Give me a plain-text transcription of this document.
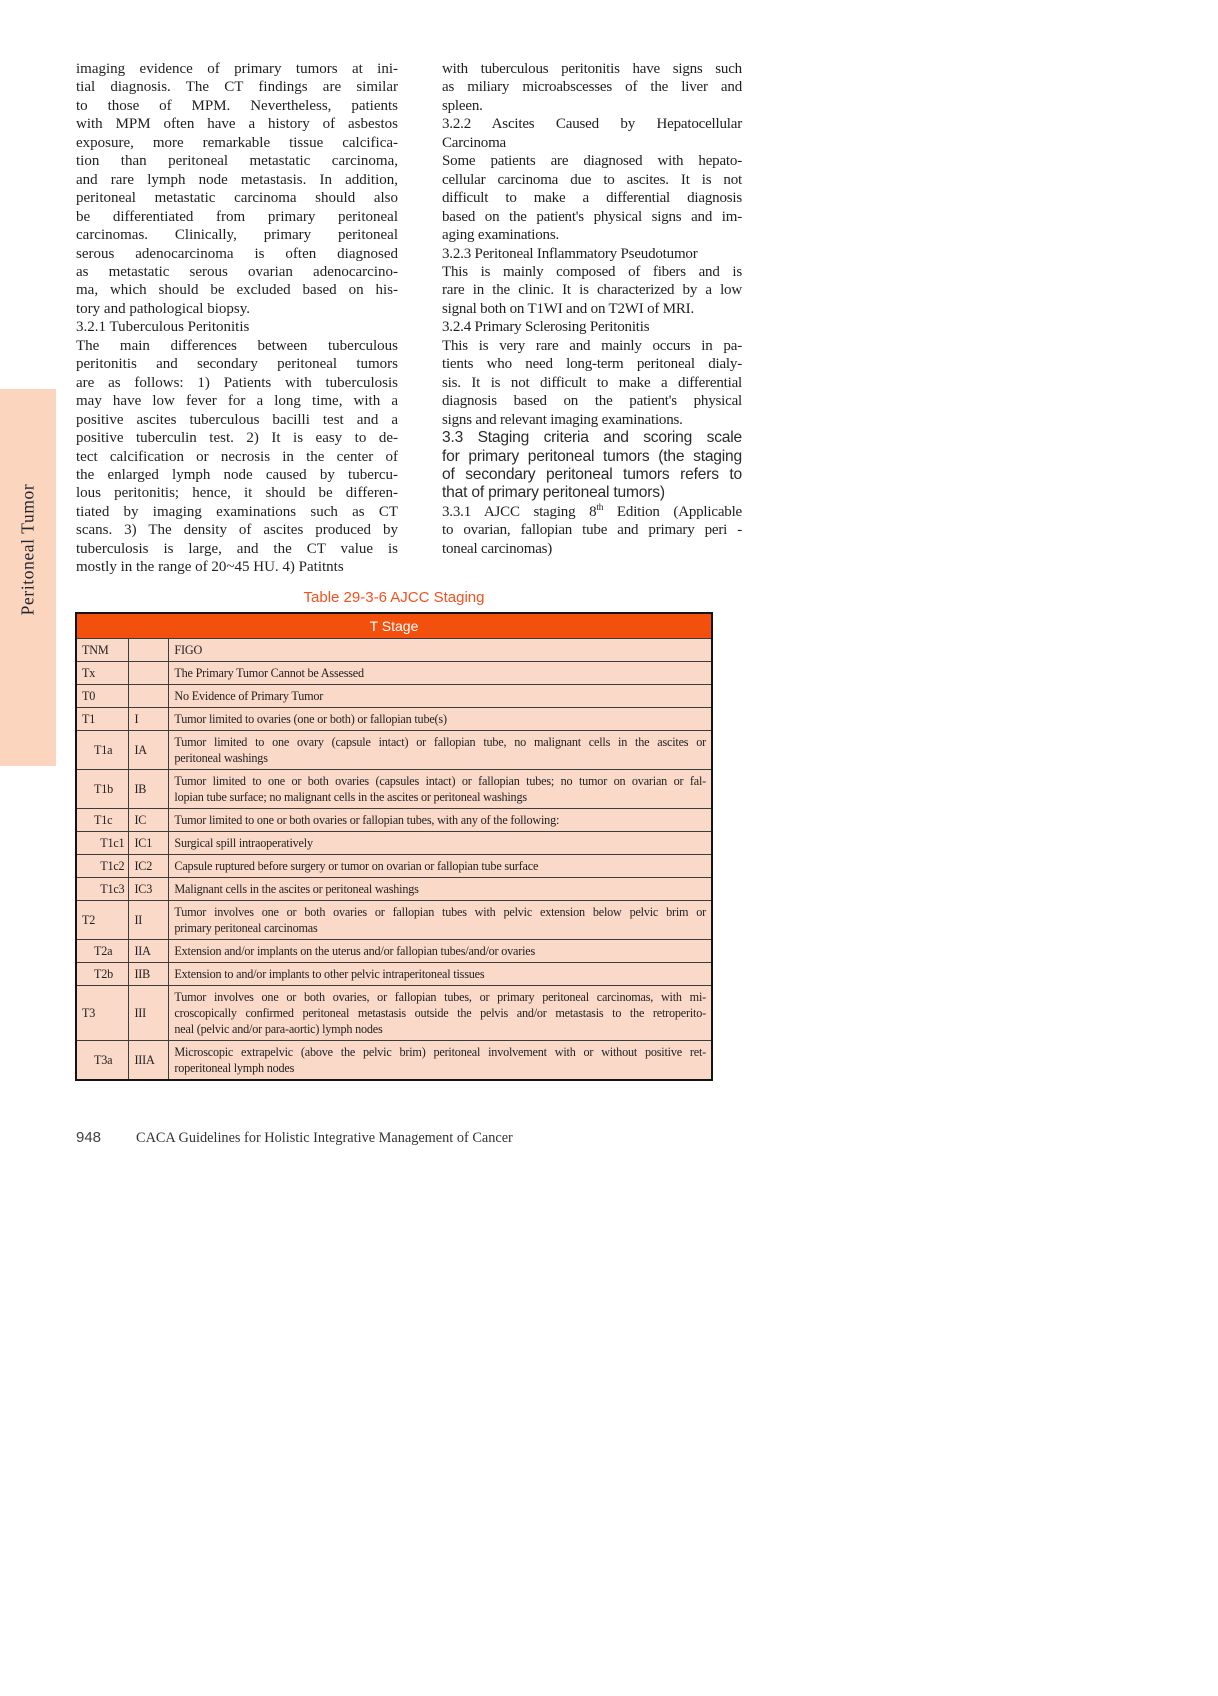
Peritoneal Tumor
imaging evidence of primary tumors at ini-
tial diagnosis. The CT findings are similar
to those of MPM. Nevertheless, patients
with MPM often have a history of asbestos
exposure, more remarkable tissue calcifica-
tion than peritoneal metastatic carcinoma,
and rare lymph node metastasis. In addition,
peritoneal metastatic carcinoma should also
be differentiated from primary peritoneal
carcinomas. Clinically, primary peritoneal
serous adenocarcinoma is often diagnosed
as metastatic serous ovarian adenocarcino-
ma, which should be excluded based on his-
tory and pathological biopsy.
3.2.1 Tuberculous Peritonitis
The main differences between tuberculous
peritonitis and secondary peritoneal tumors
are as follows: 1) Patients with tuberculosis
may have low fever for a long time, with a
positive ascites tuberculous bacilli test and a
positive tuberculin test. 2) It is easy to de-
tect calcification or necrosis in the center of
the enlarged lymph node caused by tubercu-
lous peritonitis; hence, it should be differen-
tiated by imaging examinations such as CT
scans. 3) The density of ascites produced by
tuberculosis is large, and the CT value is
mostly in the range of 20~45 HU. 4) Patitnts
with tuberculous peritonitis have signs such
as miliary microabscesses of the liver and
spleen.
3.2.2 Ascites Caused by Hepatocellular
Carcinoma
Some patients are diagnosed with hepato-
cellular carcinoma due to ascites. It is not
difficult to make a differential diagnosis
based on the patient's physical signs and im-
aging examinations.
3.2.3 Peritoneal Inflammatory Pseudotumor
This is mainly composed of fibers and is
rare in the clinic. It is characterized by a low
signal both on T1WI and on T2WI of MRI.
3.2.4 Primary Sclerosing Peritonitis
This is very rare and mainly occurs in pa-
tients who need long-term peritoneal dialy-
sis. It is not difficult to make a differential
diagnosis based on the patient's physical
signs and relevant imaging examinations.
3.3 Staging criteria and scoring scale
for primary peritoneal tumors (the staging
of secondary peritoneal tumors refers to
that of primary peritoneal tumors)
3.3.1 AJCC staging 8th Edition (Applicable
to ovarian, fallopian tube and primary peri -
toneal carcinomas)
Table 29-3-6 AJCC Staging
T Stage		
TNM		FIGO

Tx		The Primary Tumor Cannot be Assessed

T0		No Evidence of Primary Tumor

T1	I	Tumor limited to ovaries (one or both) or fallopian tube(s)

T1a	IA	Tumor limited to one ovary (capsule intact) or fallopian tube, no malignant cells in the ascites or
peritoneal washings

T1b	IB	Tumor limited to one or both ovaries (capsules intact) or fallopian tubes; no tumor on ovarian or fal-
lopian tube surface; no malignant cells in the ascites or peritoneal washings

T1c	IC	Tumor limited to one or both ovaries or fallopian tubes, with any of the following:

T1c1	IC1	Surgical spill intraoperatively

T1c2	IC2	Capsule ruptured before surgery or tumor on ovarian or fallopian tube surface

T1c3	IC3	Malignant cells in the ascites or peritoneal washings

T2	II	Tumor involves one or both ovaries or fallopian tubes with pelvic extension below pelvic brim or
primary peritoneal carcinomas

T2a	IIA	Extension and/or implants on the uterus and/or fallopian tubes/and/or ovaries

T2b	IIB	Extension to and/or implants to other pelvic intraperitoneal tissues

T3	III	Tumor involves one or both ovaries, or fallopian tubes, or primary peritoneal carcinomas, with mi-
croscopically confirmed peritoneal metastasis outside the pelvis and/or metastasis to the retroperito-
neal (pelvic and/or para-aortic) lymph nodes

T3a	IIIA	Microscopic extrapelvic (above the pelvic brim) peritoneal involvement with or without positive ret-
roperitoneal lymph nodes
948 CACA Guidelines for Holistic Integrative Management of Cancer
